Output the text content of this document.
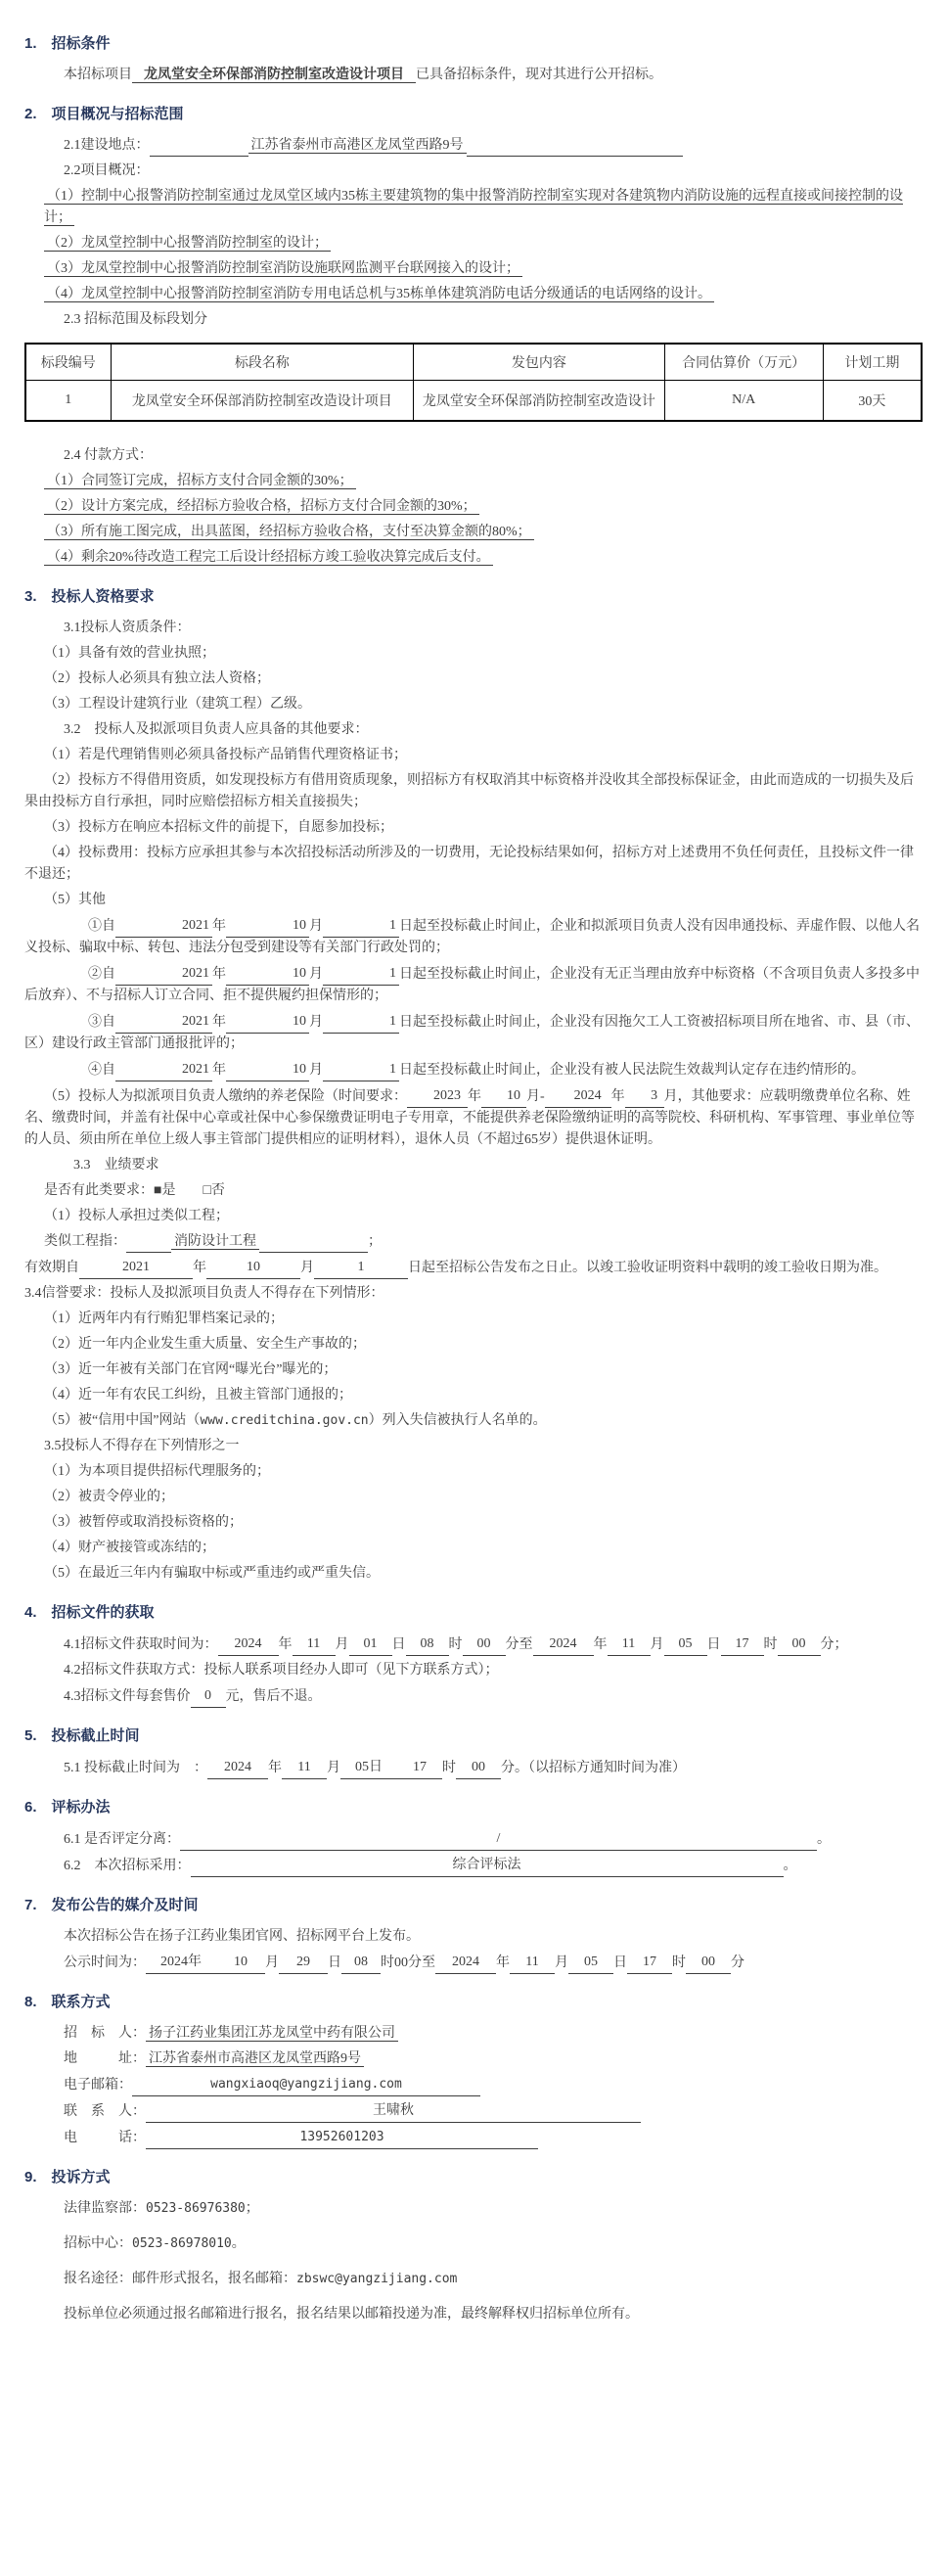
1. 招标条件

本招标项目 龙凤堂安全环保部消防控制室改造设计项目 已具备招标条件，现对其进行公开招标。

2. 项目概况与招标范围

2.1建设地点：	江苏省泰州市高港区龙凤堂西路9号

2.2项目概况：

（1）控制中心报警消防控制室通过龙凤堂区域内35栋主要建筑物的集中报警消防控制室实现对各建筑物内消防设施的远程直接或间接控制的设计；

（2）龙凤堂控制中心报警消防控制室的设计；

（3）龙凤堂控制中心报警消防控制室消防设施联网监测平台联网接入的设计；

（4）龙凤堂控制中心报警消防控制室消防专用电话总机与35栋单体建筑消防电话分级通话的电话网络的设计。

2.3 招标范围及标段划分

标段编号	标段名称	发包内容	合同估算价（万元）	计划工期
1	龙凤堂安全环保部消防控制室改造设计项目	龙凤堂安全环保部消防控制室改造设计	N/A	30天

2.4 付款方式：

（1）合同签订完成，招标方支付合同金额的30%；

（2）设计方案完成，经招标方验收合格，招标方支付合同金额的30%；

（3）所有施工图完成，出具蓝图，经招标方验收合格，支付至决算金额的80%；

（4）剩余20%待改造工程完工后设计经招标方竣工验收决算完成后支付。

3. 投标人资格要求

3.1投标人资质条件：

（1）具备有效的营业执照；

（2）投标人必须具有独立法人资格；

（3）工程设计建筑行业（建筑工程）乙级。

3.2　投标人及拟派项目负责人应具备的其他要求：

（1）若是代理销售则必须具备投标产品销售代理资格证书；

（2）投标方不得借用资质，如发现投标方有借用资质现象，则招标方有权取消其中标资格并没收其全部投标保证金，由此而造成的一切损失及后果由投标方自行承担，同时应赔偿招标方相关直接损失；

（3）投标方在响应本招标文件的前提下，自愿参加投标；

（4）投标费用：投标方应承担其参与本次招投标活动所涉及的一切费用，无论投标结果如何，招标方对上述费用不负任何责任，且投标文件一律不退还；

（5）其他

①自	2021 年	10 月	1 日起至投标截止时间止，企业和拟派项目负责人没有因串通投标、弄虚作假、以他人名义投标、骗取中标、转包、违法分包受到建设等有关部门行政处罚的；

②自	2021 年	10 月	1 日起至投标截止时间止，企业没有无正当理由放弃中标资格（不含项目负责人多投多中后放弃）、不与招标人订立合同、拒不提供履约担保情形的；

③自	2021 年	10 月	1 日起至投标截止时间止，企业没有因拖欠工人工资被招标项目所在地省、市、县（市、区）建设行政主管部门通报批评的；

④自	2021 年	10 月	1 日起至投标截止时间止，企业没有被人民法院生效裁判认定存在违约情形的。

（5）投标人为拟派项目负责人缴纳的养老保险（时间要求： 2023 年 10 月- 2024 年 3 月，其他要求：应载明缴费单位名称、姓名、缴费时间，并盖有社保中心章或社保中心参保缴费证明电子专用章，不能提供养老保险缴纳证明的高等院校、科研机构、军事管理、事业单位等的人员、须由所在单位上级人事主管部门提供相应的证明材料），退休人员（不超过65岁）提供退休证明。

3.3　业绩要求

是否有此类要求：■是　　□否

（1）投标人承担过类似工程；

类似工程指：	消防设计工程	；

有效期自	2021	年	10	月	1	日起至招标公告发布之日止。以竣工验收证明资料中载明的竣工验收日期为准。

3.4信誉要求：投标人及拟派项目负责人不得存在下列情形：

（1）近两年内有行贿犯罪档案记录的；

（2）近一年内企业发生重大质量、安全生产事故的；

（3）近一年被有关部门在官网“曝光台”曝光的；

（4）近一年有农民工纠纷，且被主管部门通报的；

（5）被“信用中国”网站（www.creditchina.gov.cn）列入失信被执行人名单的。

3.5投标人不得存在下列情形之一

（1）为本项目提供招标代理服务的；

（2）被责令停业的；

（3）被暂停或取消投标资格的；

（4）财产被接管或冻结的；

（5）在最近三年内有骗取中标或严重违约或严重失信。

4. 招标文件的获取

4.1招标文件获取时间为： 2024 年 11 月 01 日 08 时 00 分至 2024 年 11 月 05 日 17 时 00 分；

4.2招标文件获取方式：投标人联系项目经办人即可（见下方联系方式）；

4.3招标文件每套售价 0 元，售后不退。

5. 投标截止时间

5.1 投标截止时间为　： 2024 年 11 月 05日 17 时 00 分。（以招标方通知时间为准）

6. 评标办法

6.1 是否评定分离：	/	。

6.2　本次招标采用：	综合评标法	。

7. 发布公告的媒介及时间

本次招标公告在扬子江药业集团官网、招标网平台上发布。

公示时间为： 2024年 10 月 29 日 08 时00分至 2024 年 11 月 05 日 17 时 00 分

8. 联系方式

招　标　人： 扬子江药业集团江苏龙凤堂中药有限公司

地　　　址： 江苏省泰州市高港区龙凤堂西路9号

电子邮箱：	wangxiaoq@yangzijiang.com

联　系　人：	王啸秋

电　　　话：	13952601203

9. 投诉方式

法律监察部：0523-86976380；

招标中心：0523-86978010。

报名途径：邮件形式报名，报名邮箱：zbswc@yangzijiang.com

投标单位必须通过报名邮箱进行报名，报名结果以邮箱投递为准，最终解释权归招标单位所有。
